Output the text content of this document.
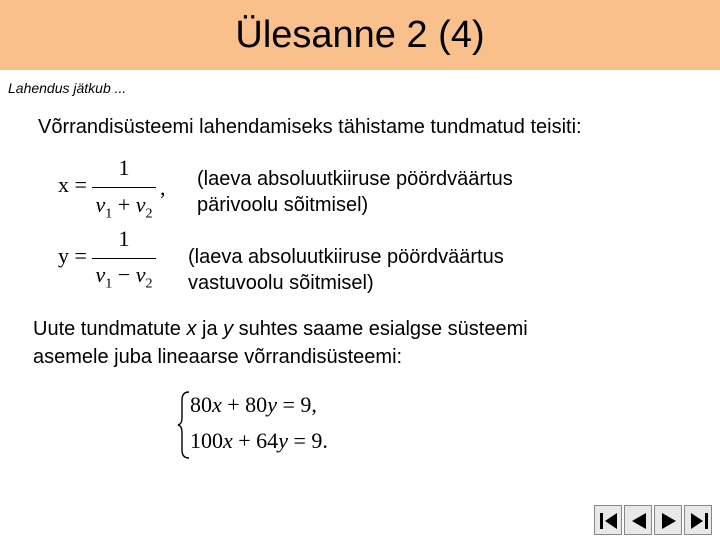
Ülesanne 2 (4)
Lahendus jätkub ...
Võrrandisüsteemi lahendamiseks tähistame tundmatud teisiti:
x =
1
$v_1 + v_2$
, (laeva absoluutkiiruse pöördväärtus
pärivoolu sõitmisel)
y =
1
$v_1 - v_2$
(laeva absoluutkiiruse pöördväärtus
vastuvoolu sõitmisel)
Uute tundmatute x ja y suhtes saame esialgse süsteemi
asemele juba lineaarse võrrandisüsteemi:
80x + 80y = 9,
100x + 64y = 9.
